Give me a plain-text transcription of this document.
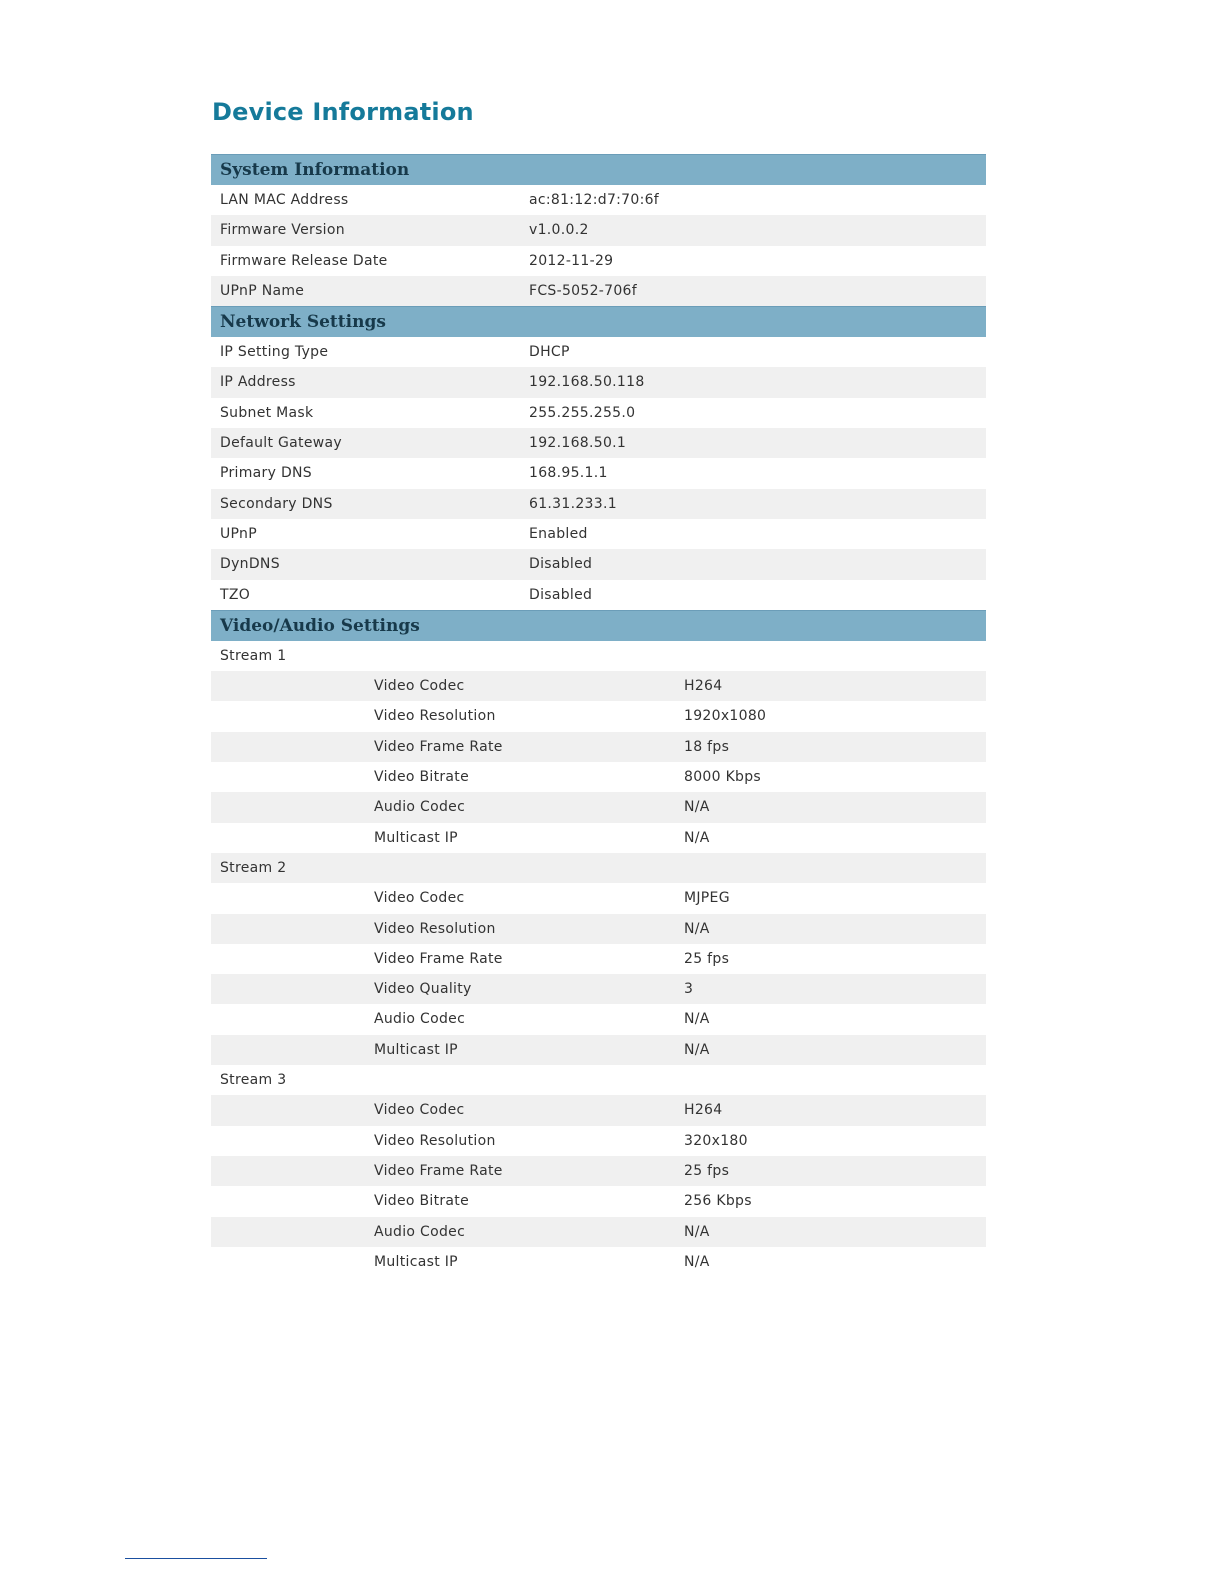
Device Information
System Information
LAN MAC Address	ac:81:12:d7:70:6f
Firmware Version	v1.0.0.2
Firmware Release Date	2012-11-29
UPnP Name	FCS-5052-706f
Network Settings
IP Setting Type	DHCP
IP Address	192.168.50.118
Subnet Mask	255.255.255.0
Default Gateway	192.168.50.1
Primary DNS	168.95.1.1
Secondary DNS	61.31.233.1
UPnP	Enabled
DynDNS	Disabled
TZO	Disabled
Video/Audio Settings
Stream 1
Video Codec	H264
Video Resolution	1920x1080
Video Frame Rate	18 fps
Video Bitrate	8000 Kbps
Audio Codec	N/A
Multicast IP	N/A
Stream 2
Video Codec	MJPEG
Video Resolution	N/A
Video Frame Rate	25 fps
Video Quality	3
Audio Codec	N/A
Multicast IP	N/A
Stream 3
Video Codec	H264
Video Resolution	320x180
Video Frame Rate	25 fps
Video Bitrate	256 Kbps
Audio Codec	N/A
Multicast IP	N/A
